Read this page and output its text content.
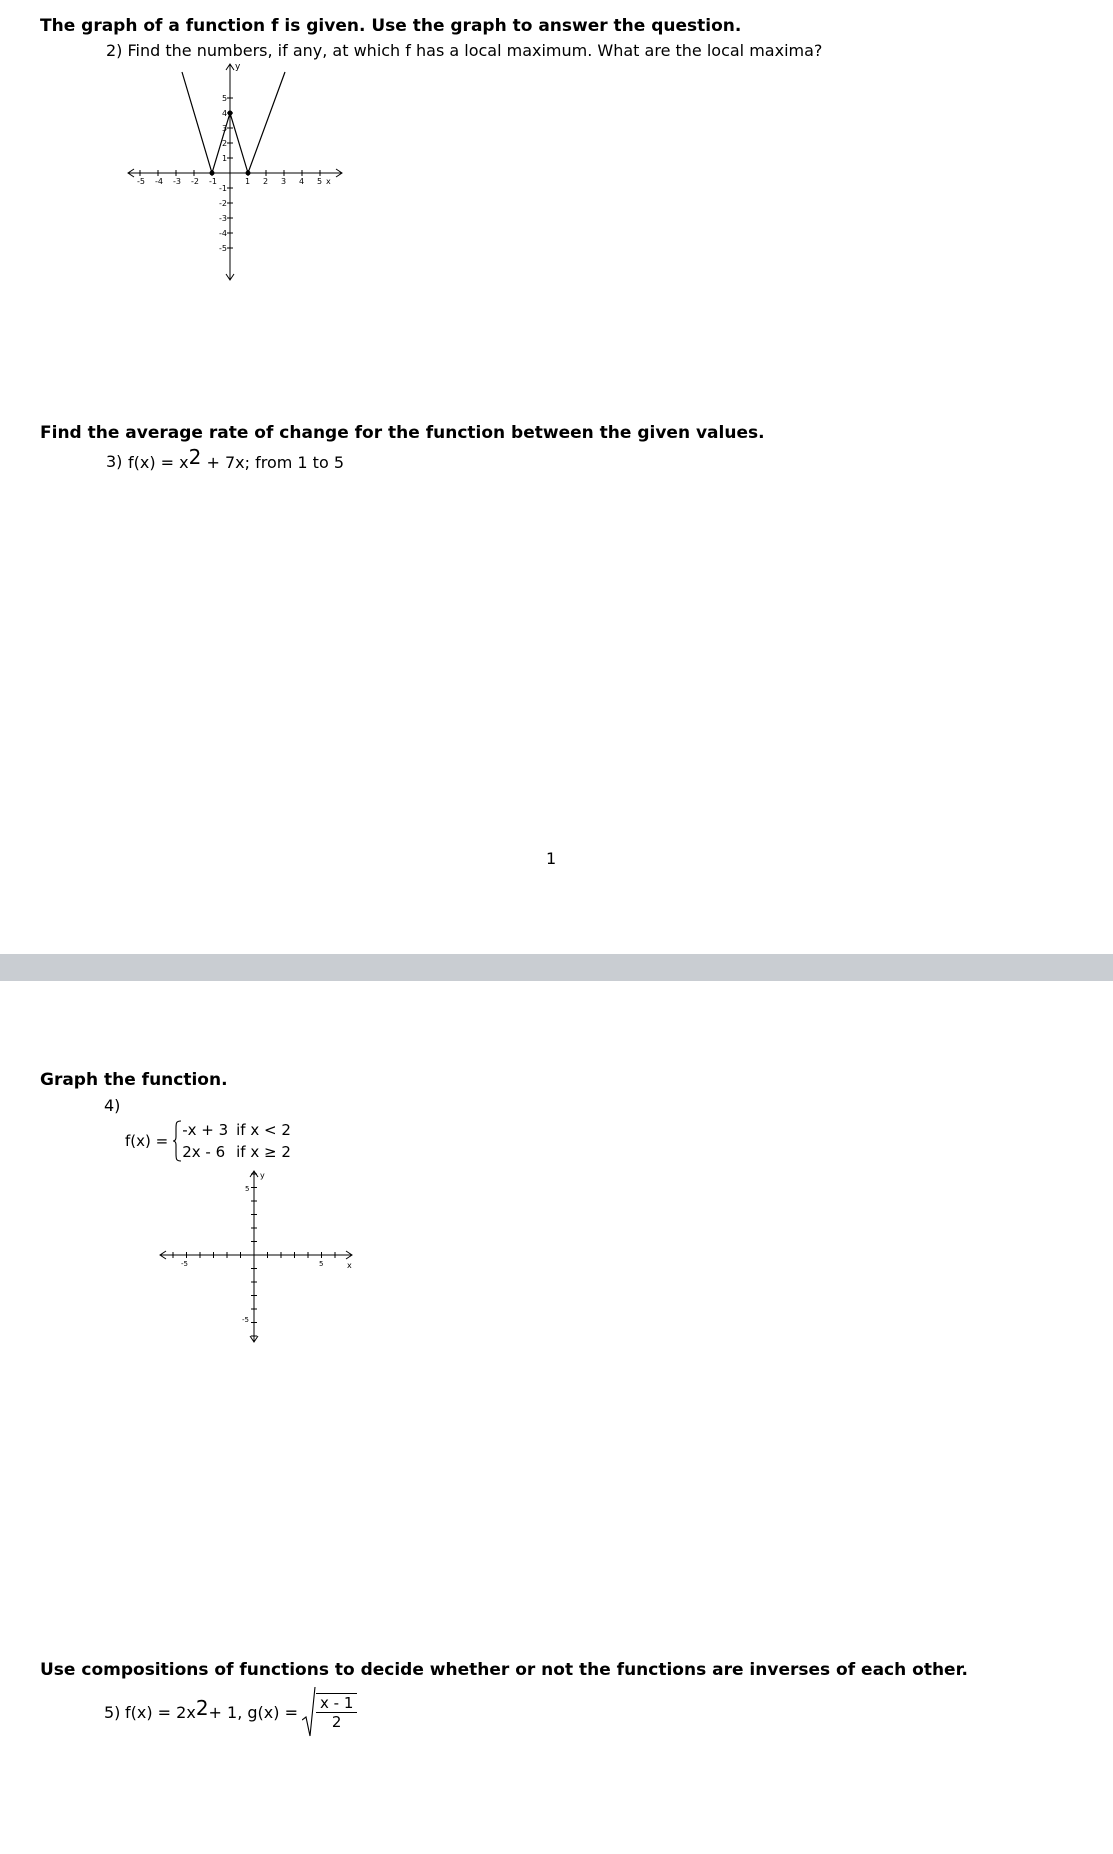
The graph of a function f is given. Use the graph to answer the question.
2) Find the numbers, if any, at which f has a local maximum. What are the local maxima?
-5 -4 -3 -2 -1	1 2 3 4 5 x
5
4
3
2
1
-1
-2
-3
-4
-5
y
Find the average rate of change for the function between the given values.
3) f(x) = x2 + 7x; from 1 to 5
1
Graph the function.
4)
f(x) =
-x + 3	if x < 2
2x - 6	if x ≥ 2
y
x
-5	5
5
-5
Use compositions of functions to decide whether or not the functions are inverses of each other.
5) f(x) = 2x 2 + 1, $g(x) = \frac{x - 1}{2}$
